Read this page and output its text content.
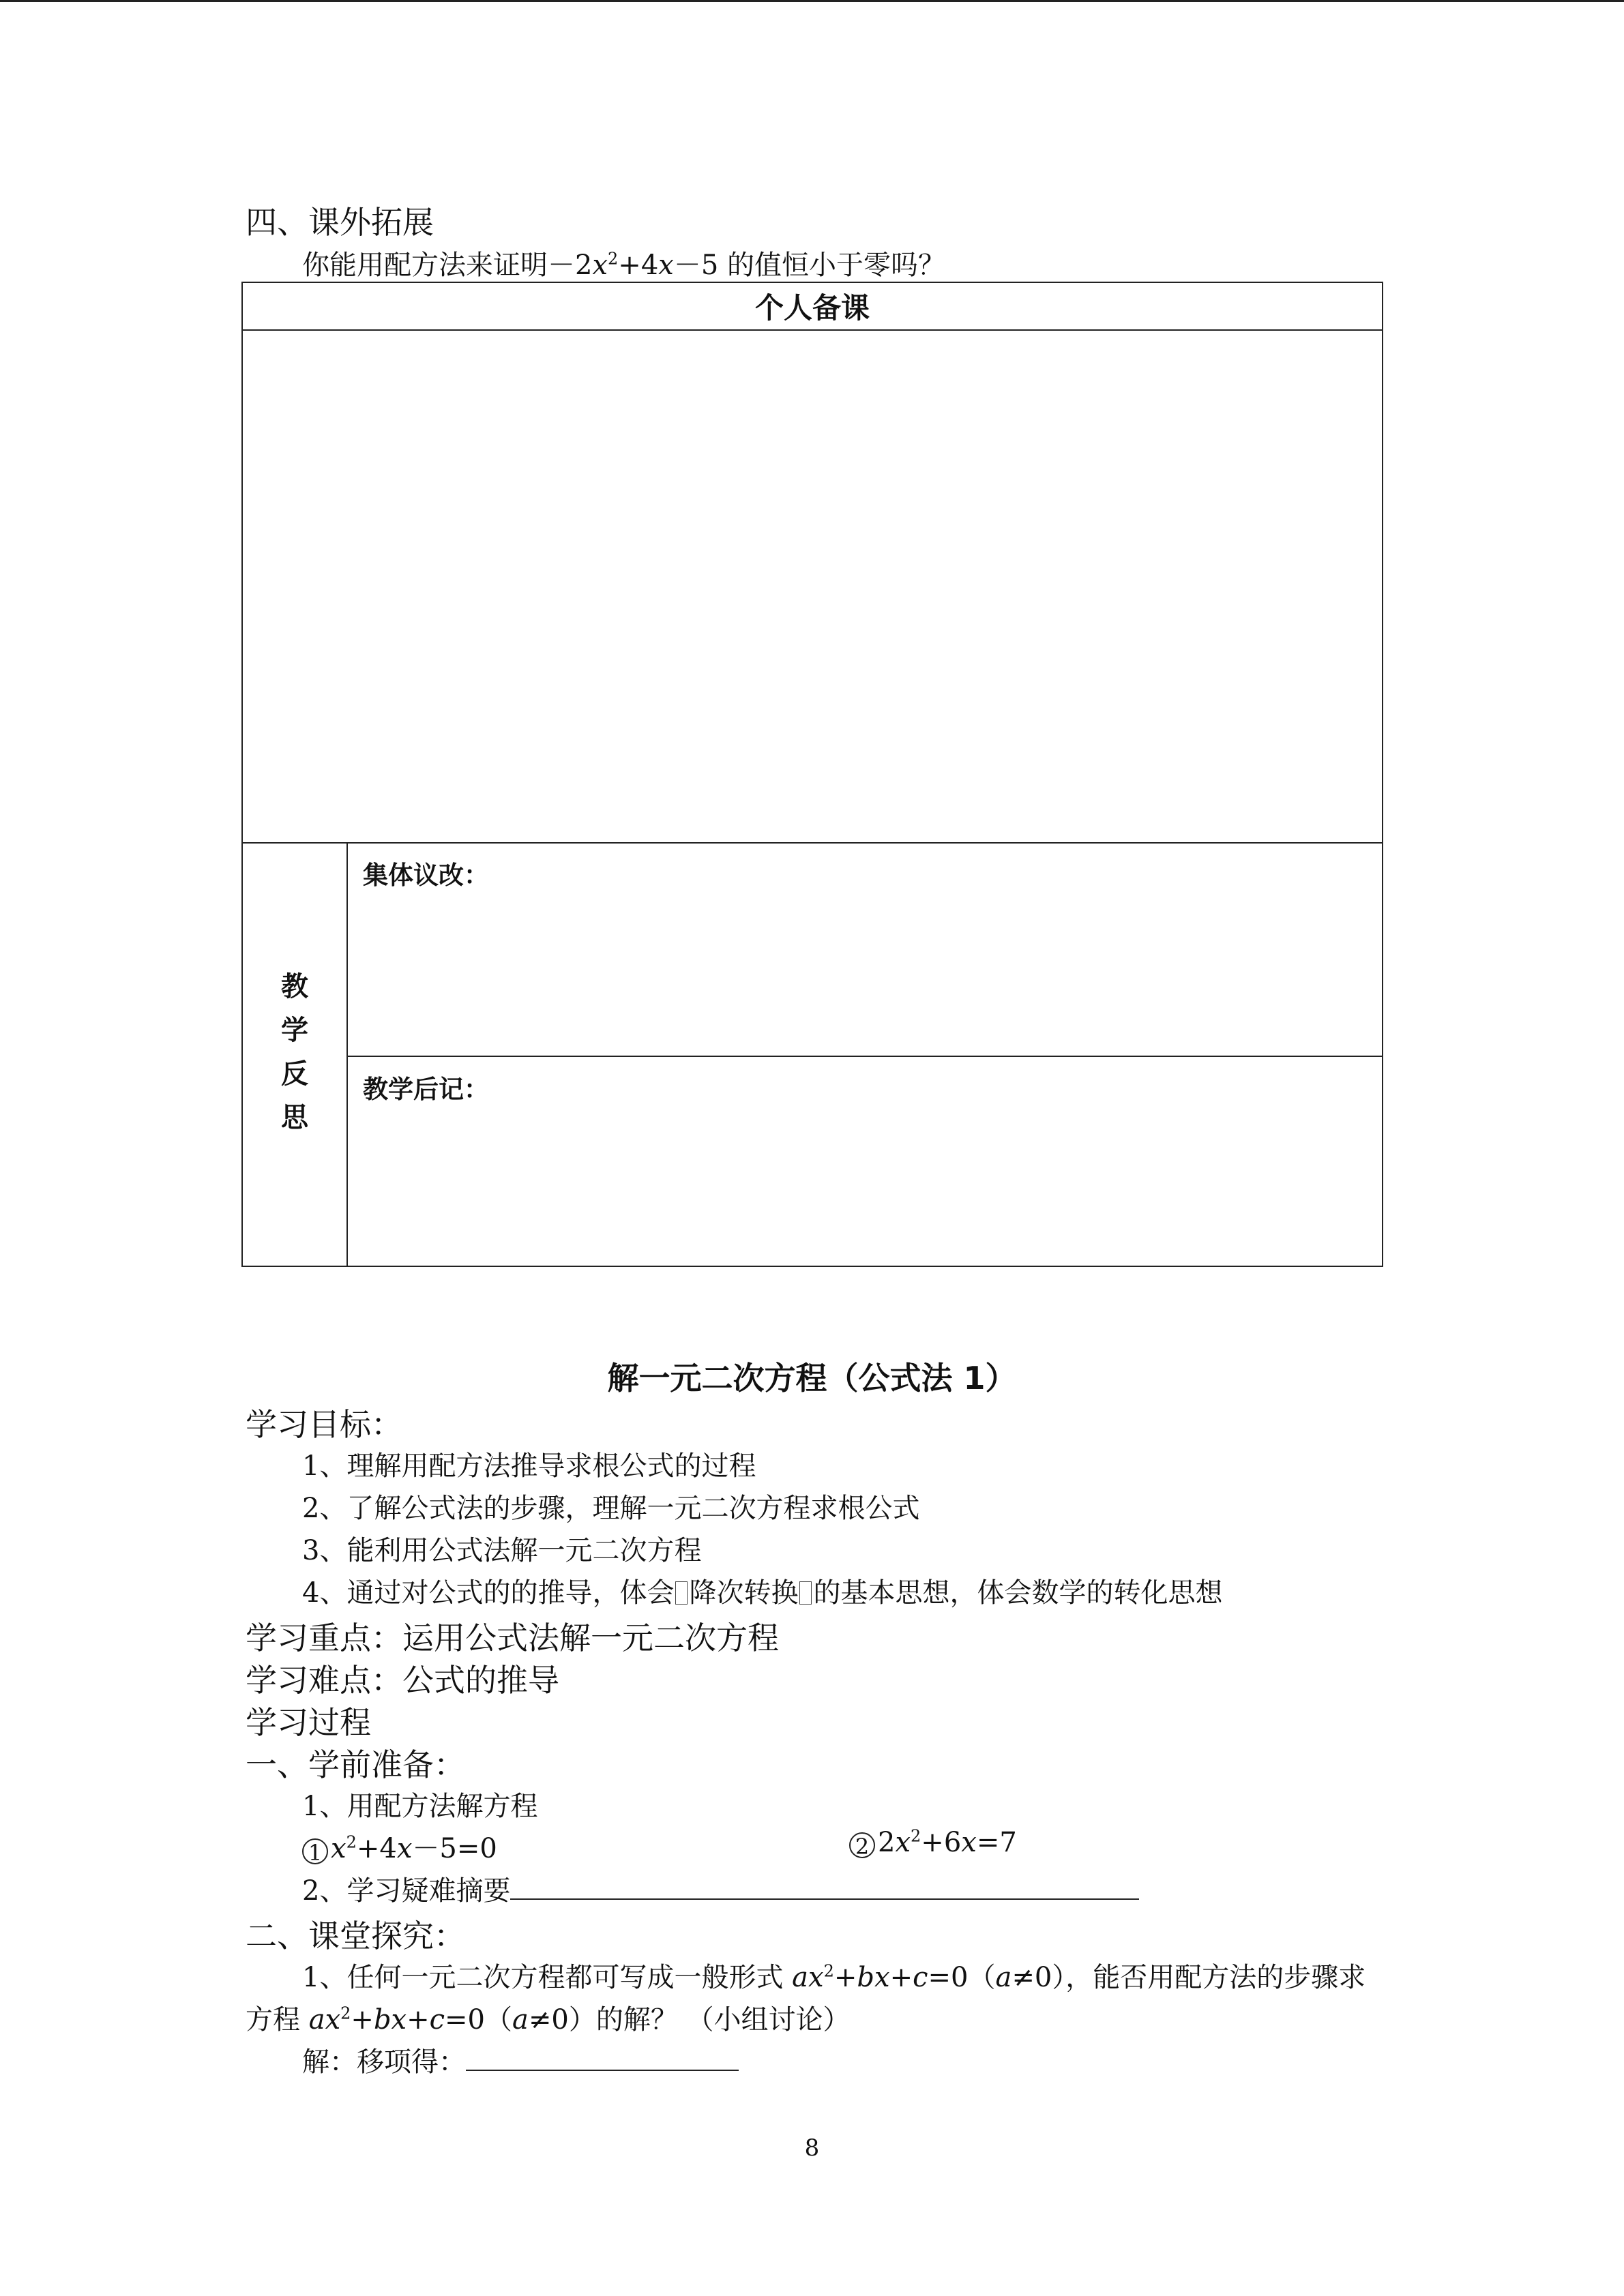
四、课外拓展
你能用配方法来证明$-2x^2+4x-5$ 的值恒小于零吗？
个人备课
集体议改：
教学后记：
教
学
反
思
解一元二次方程（公式法 1）
学习目标：
1、理解用配方法推导求根公式的过程
2、了解公式法的步骤，理解一元二次方程求根公式
3、能利用公式法解一元二次方程
4、通过对公式的的推导，体会 降次转换 的基本思想，体会数学的转化思想
学习重点：运用公式法解一元二次方程
学习难点：公式的推导
学习过程
一、学前准备：
1、用配方法解方程
1 $x^2+4x-5=0$	2 $2x^2+6x=7$
2、学习疑难摘要
二、课堂探究：
1、任何一元二次方程都可写成一般形式 $ax^2+bx+c=0(a\ne 0)$，能否用配方法的步骤求
方程 $ax^2+bx+c=0(a\ne 0)$的解？ （小组讨论）
解：移项得：
8
